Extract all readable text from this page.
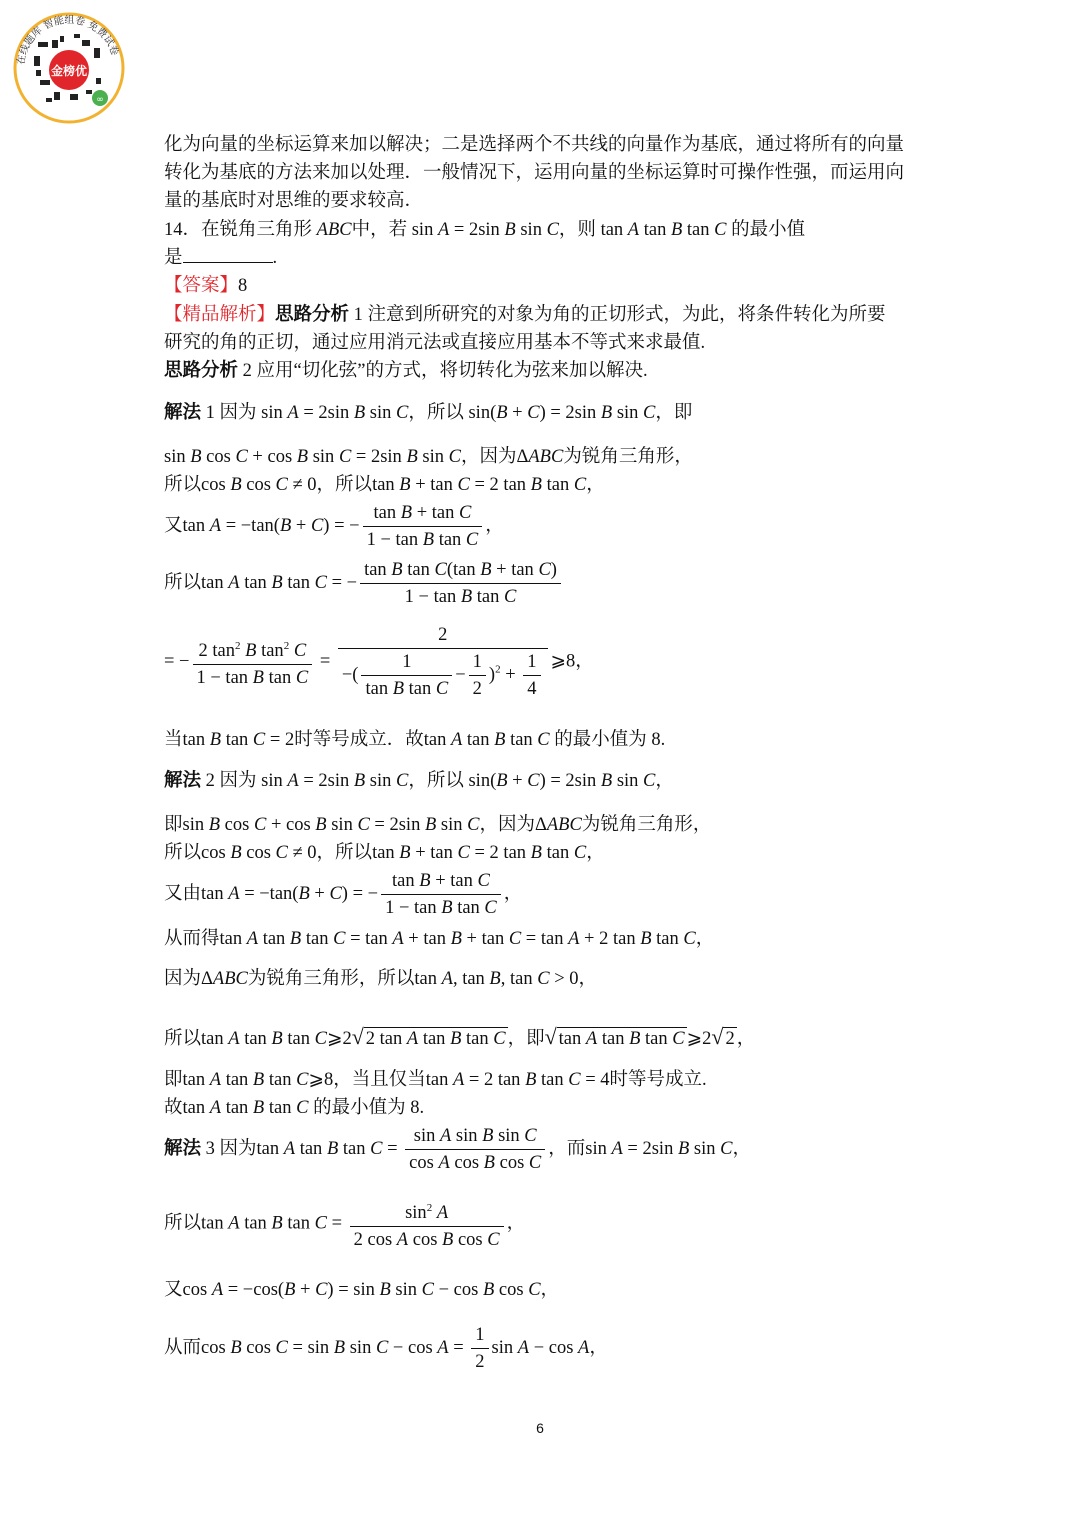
在线题库 智能组卷 免费试卷
金榜优
∞
化为向量的坐标运算来加以解决；二是选择两个不共线的向量作为基底，通过将所有的向量
转化为基底的方法来加以处理．一般情况下，运用向量的坐标运算时可操作性强，而运用向
量的基底时对思维的要求较高．
14．在锐角三角形 ABC中，若 sin A = 2sin B sin C，则 tan A tan B tan C 的最小值
是	.
【答案】8
【精品解析】思路分析 1 注意到所研究的对象为角的正切形式，为此，将条件转化为所要
研究的角的正切，通过应用消元法或直接应用基本不等式来求最值.
思路分析 2 应用“切化弦”的方式，将切转化为弦来加以解决.
解法 1 因为 sin A = 2sin B sin C，所以 sin(B + C) = 2sin B sin C，即
sin B cos C + cos B sin C = 2sin B sin C，因为ΔABC为锐角三角形，
所以cos B cos C ≠ 0，所以tan B + tan C = 2 tan B tan C，
又tan A = −tan(B + C) = − $\frac{\text{tan B + tan C}}{\text{1 − tan B tan C}}$ ，
所以tan A tan B tan C = − $\frac{\text{tan B tan C(tan B + tan C)}}{\text{1 − tan B tan C}}$
= − $\frac{2 \tan^2 B \tan^2 C}{\text{1 − tan B tan C}} = \frac{2}{-( \frac{1}{\text{tan B tan C}} - \frac{1}{2} )^2 + \frac{1}{4}}$ ⩾8，
当tan B tan C = 2时等号成立．故tan A tan B tan C 的最小值为 8.
解法 2 因为 sin A = 2sin B sin C，所以 sin(B + C) = 2sin B sin C，
即sin B cos C + cos B sin C = 2sin B sin C，因为ΔABC为锐角三角形，
所以cos B cos C ≠ 0，所以tan B + tan C = 2 tan B tan C，
又由tan A = −tan(B + C) = − $\frac{\text{tan B + tan C}}{\text{1 − tan B tan C}}$ ，
从而得tan A tan B tan C = tan A + tan B + tan C = tan A + 2 tan B tan C，
因为ΔABC为锐角三角形，所以tan A, tan B, tan C > 0，
所以tan A tan B tan C⩾2√ 2 tan A tan B tan C ，即√ tan A tan B tan C ⩾2√ 2 ，
即tan A tan B tan C⩾8，当且仅当tan A = 2 tan B tan C = 4时等号成立.
故tan A tan B tan C 的最小值为 8.
解法 3 因为tan A tan B $\tan C = \frac{\text{sin A sin B sin C}}{\text{cos A cos B cos C}}$ ，而sin A = 2sin B sin C，
所以tan A tan B $\tan C = \frac{\sin^2 A}{\text{2 cos A cos B cos C}}$ ，
又cos A = −cos(B + C) = sin B sin C − cos B cos C，
从而cos B cos C = sin B $\sin C - \cos A = \frac{1}{2}$ sin A − cos A，
6
